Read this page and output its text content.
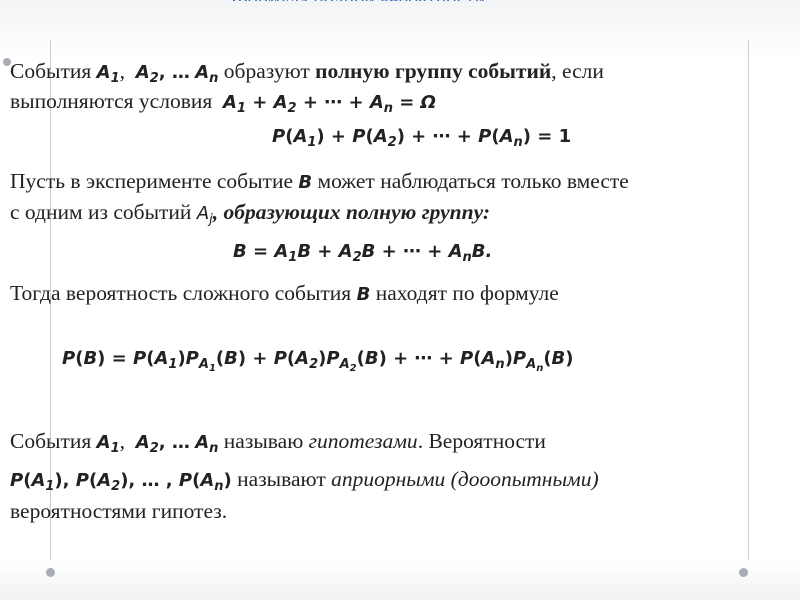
События $A_1$,  $A_2$, … $A_n$ образуют полную группу событий, если
выполняются условия $A_1 + A_2$ + ⋯ + $A_n = \Omega$
$P(A_1) + P(A_2)$ + ⋯ + $P(A_n) = 1$
Пусть в эксперименте событие B может наблюдаться только вместе
с одним из событий $A_j$, образующих полную группу:
$B = A_1B + A_2B$ + ⋯ + $A_nB$.
Тогда вероятность сложного события B находят по формуле
$P(B) = P(A_1)P_{A_1}(B) + P(A_2)P_{A_2}(B)$ + ⋯ + $P(A_n)P_{A_n}(B)$
События $A_1$,  $A_2$, … $A_n$ называю гипотезами. Вероятности
$P(A_1)$, $P(A_2)$, … , $P(A_n)$ называют априорными (дооопытными)
вероятностями гипотез.
